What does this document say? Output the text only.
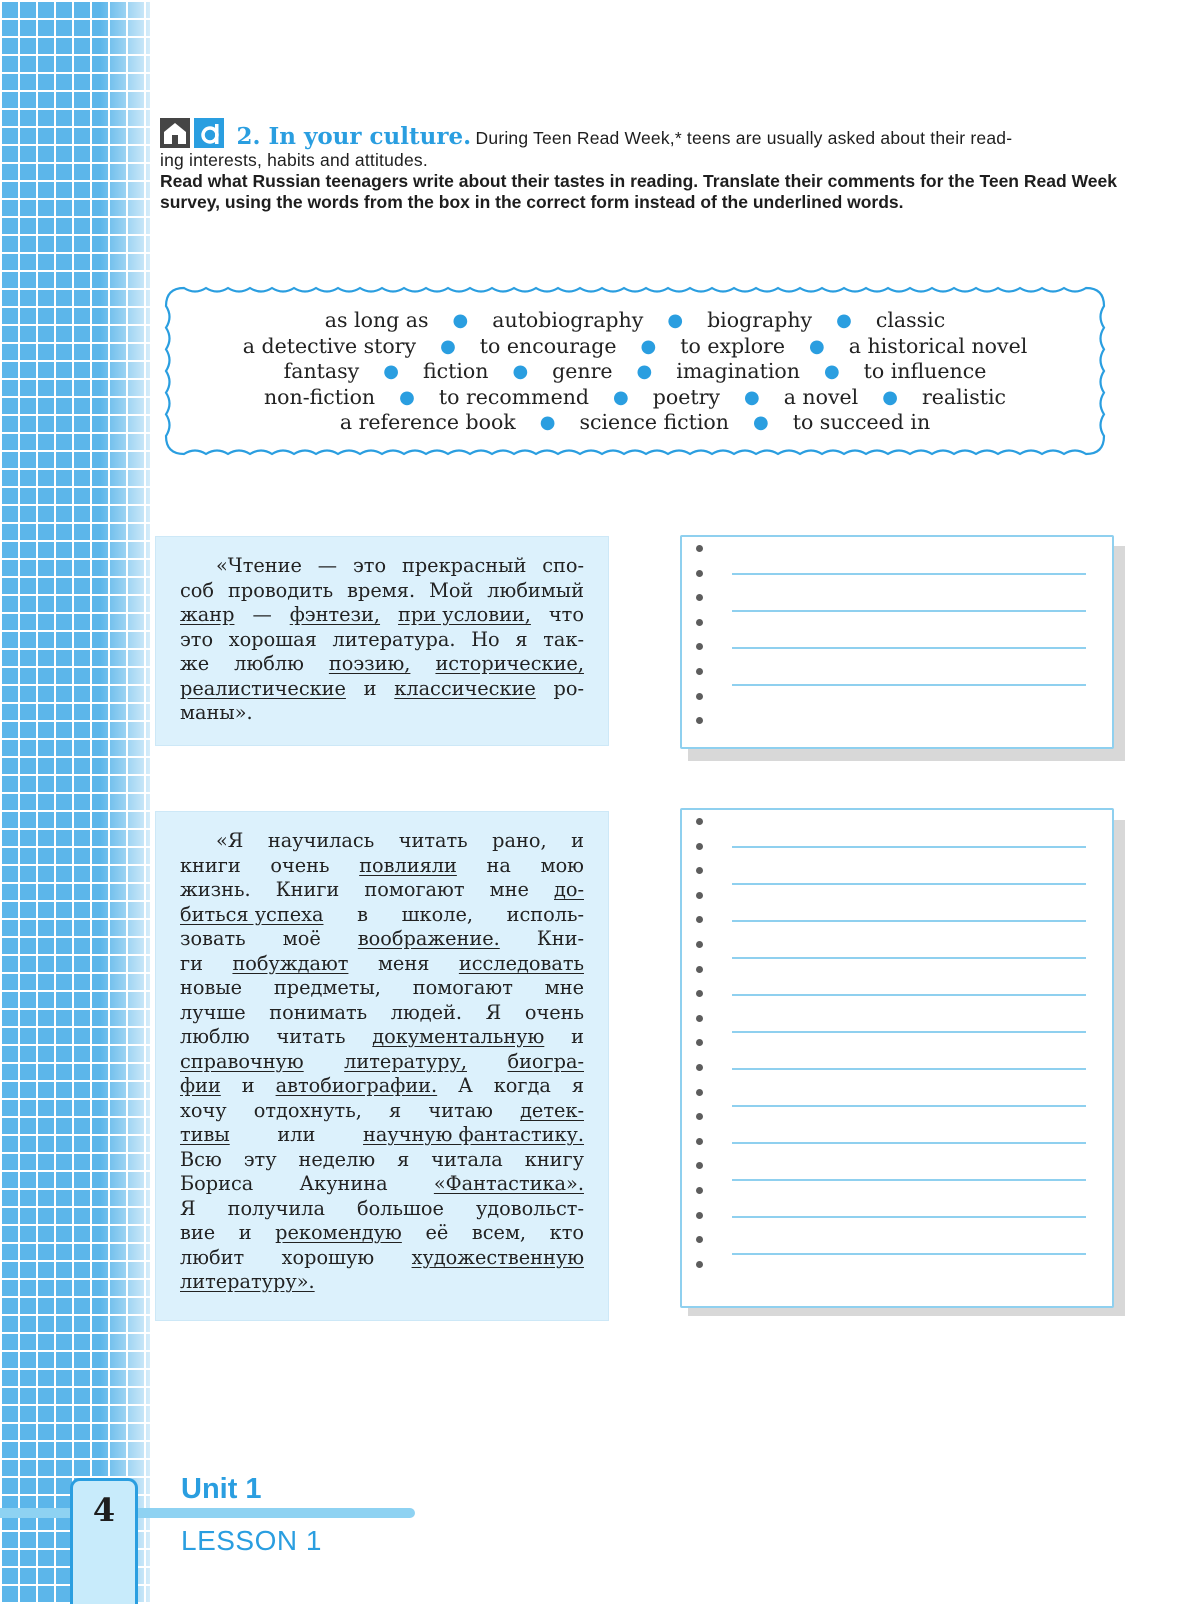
2. In your culture. During Teen Read Week,* teens are usually asked about their read-
ing interests, habits and attitudes.
Read what Russian teenagers write about their tastes in reading. Translate their comments for the Teen Read Week survey, using the words from the box in the correct form instead of the underlined words.
as long as ● autobiography ● biography ● classic
a detective story ● to encourage ● to explore ● a historical novel
fantasy ● fiction ● genre ● imagination ● to influence
non-fiction ● to recommend ● poetry ● a novel ● realistic
a reference book ● science fiction ● to succeed in
«Чтение — это прекрасный спо-
соб проводить время. Мой любимый
жанр — фэнтези, при условии, что
это хорошая литература. Но я так-
же люблю поэзию, исторические,
реалистические и классические ро-
маны».
«Я научилась читать рано, и
книги очень повлияли на мою
жизнь. Книги помогают мне до-
биться успеха в школе, исполь-
зовать моё воображение. Кни-
ги побуждают меня исследовать
новые предметы, помогают мне
лучше понимать людей. Я очень
люблю читать документальную и
справочную литературу, биогра-
фии и автобиографии. А когда я
хочу отдохнуть, я читаю детек-
тивы или научную фантастику.
Всю эту неделю я читала книгу
Бориса Акунина «Фантастика».
Я получила большое удовольст-
вие и рекомендую её всем, кто
любит хорошую художественную
литературу».
4
Unit 1
LESSON 1
